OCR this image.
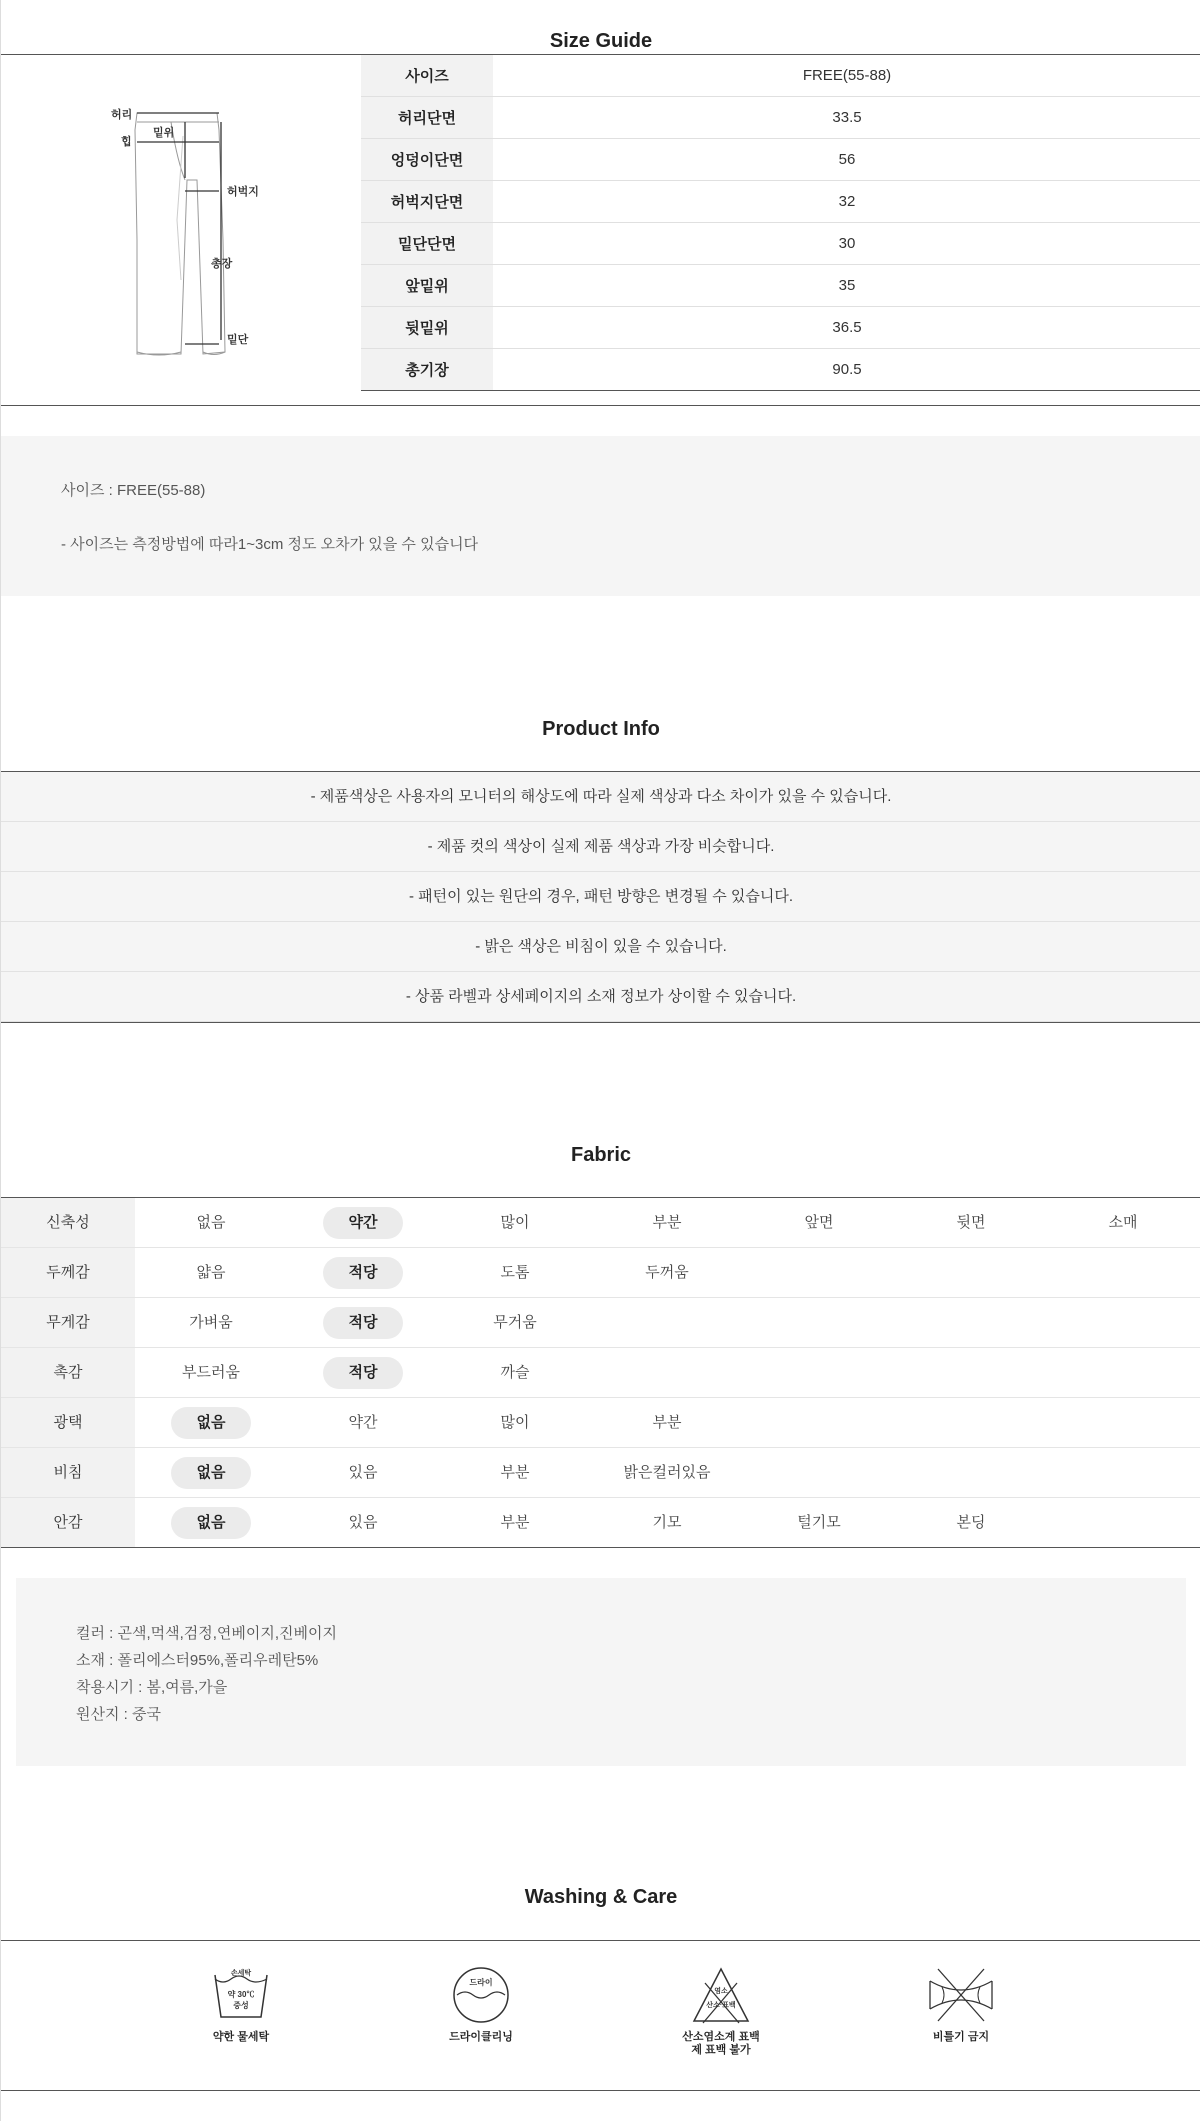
Size Guide
허리
힙
밑위
허벅지
총장
밑단
사이즈	FREE(55-88)
허리단면	33.5
엉덩이단면	56
허벅지단면	32
밑단단면	30
앞밑위	35
뒷밑위	36.5
총기장	90.5

사이즈 : FREE(55-88)

- 사이즈는 측정방법에 따라1~3cm 정도 오차가 있을 수 있습니다

Product Info
- 제품색상은 사용자의 모니터의 해상도에 따라 실제 색상과 다소 차이가 있을 수 있습니다.
- 제품 컷의 색상이 실제 제품 색상과 가장 비슷합니다.
- 패턴이 있는 원단의 경우, 패턴 방향은 변경될 수 있습니다.
- 밝은 색상은 비침이 있을 수 있습니다.
- 상품 라벨과 상세페이지의 소재 정보가 상이할 수 있습니다.
Fabric
신축성	없음	약간	많이	부분	앞면	뒷면	소매
두께감	얇음	적당	도톰	두꺼움
무게감	가벼움	적당	무거움
촉감	부드러움	적당	까슬
광택	없음	약간	많이	부분
비침	없음	있음	부분	밝은컬러있음
안감	없음	있음	부분	기모	털기모	본딩

컬러 : 곤색,먹색,검정,연베이지,진베이지

소재 : 폴리에스터95%,폴리우레탄5%

착용시기 : 봄,여름,가을

원산지 : 중국

Washing & Care
손세탁
약 30℃
중성
약한 물세탁
드라이
드라이클리닝
염소
산소·표백
산소염소계 표백제 표백 불가
비틀기 금지
